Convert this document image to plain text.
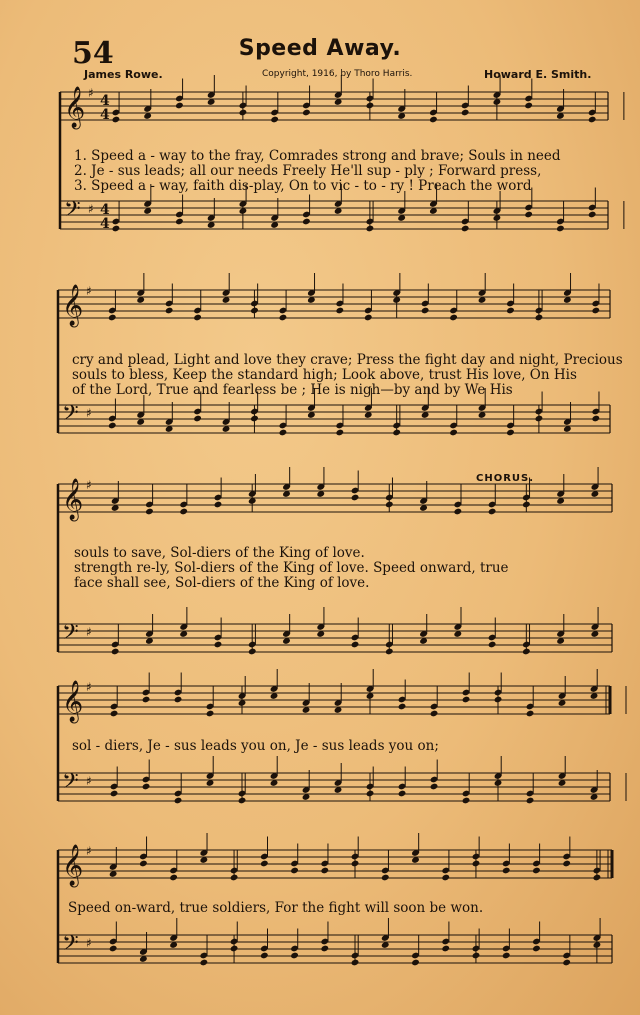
54	Speed Away.
James Rowe.	Copyright, 1916, by Thoro Harris.	Howard E. Smith.
𝄞 ♯
𝄢 ♯
4
4
4
4
𝄞 ♯
𝄢 ♯
𝄞 ♯
𝄢 ♯
𝄞 ♯
𝄢 ♯
𝄞 ♯
𝄢 ♯
1. Speed a - way to the fray, Comrades strong and brave; Souls in need
2. Je - sus leads; all our needs Freely He'll sup - ply ; Forward press,
3. Speed a - way, faith dis-play, On to vic - to - ry ! Preach the word
cry and plead, Light and love they crave; Press the fight day and night, Precious
souls to bless, Keep the standard high; Look above, trust His love, On His
of the Lord, True and fearless be ; He is nigh—by and by We His
CHORUS.
souls to save, Sol-diers of the King of love.
strength re-ly, Sol-diers of the King of love. Speed onward, true
face shall see, Sol-diers of the King of love.
sol - diers, Je - sus leads you on, Je - sus leads you on;
Speed on-ward, true soldiers, For the fight will soon be won.
